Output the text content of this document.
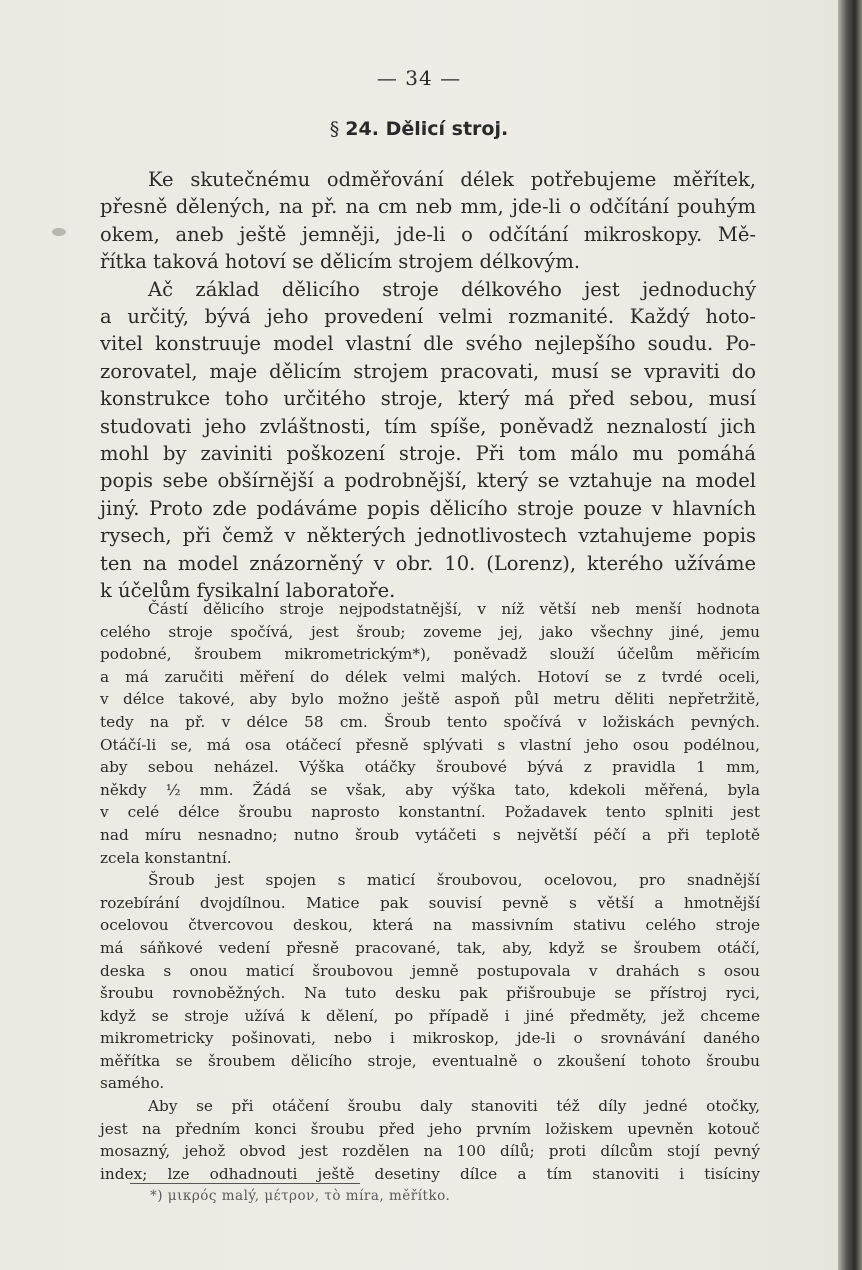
— 34 —
§ 24. Dělicí stroj.
Ke skutečnému odměřování délek potřebujeme měřítek,
přesně dělených, na př. na cm neb mm, jde-li o odčítání pouhým
okem, aneb ještě jemněji, jde-li o odčítání mikroskopy. Mě-
řítka taková hotoví se dělicím strojem délkovým.
Ač základ dělicího stroje délkového jest jednoduchý
a určitý, bývá jeho provedení velmi rozmanité. Každý hoto-
vitel konstruuje model vlastní dle svého nejlepšího soudu. Po-
zorovatel, maje dělicím strojem pracovati, musí se vpraviti do
konstrukce toho určitého stroje, který má před sebou, musí
studovati jeho zvláštnosti, tím spíše, poněvadž neznalostí jich
mohl by zaviniti poškození stroje. Při tom málo mu pomáhá
popis sebe obšírnější a podrobnější, který se vztahuje na model
jiný. Proto zde podáváme popis dělicího stroje pouze v hlavních
rysech, při čemž v některých jednotlivostech vztahujeme popis
ten na model znázorněný v obr. 10. (Lorenz), kterého užíváme
k účelům fysikalní laboratoře.
Částí dělicího stroje nejpodstatnější, v níž větší neb menší hodnota
celého stroje spočívá, jest šroub; zoveme jej, jako všechny jiné, jemu
podobné, šroubem mikrometrickým*), poněvadž slouží účelům měřicím
a má zaručiti měření do délek velmi malých. Hotoví se z tvrdé oceli,
v délce takové, aby bylo možno ještě aspoň půl metru děliti nepřetržitě,
tedy na př. v délce 58 cm. Šroub tento spočívá v ložiskách pevných.
Otáčí-li se, má osa otáčecí přesně splývati s vlastní jeho osou podélnou,
aby sebou neházel. Výška otáčky šroubové bývá z pravidla 1 mm,
někdy ½ mm. Žádá se však, aby výška tato, kdekoli měřená, byla
v celé délce šroubu naprosto konstantní. Požadavek tento splniti jest
nad míru nesnadno; nutno šroub vytáčeti s největší péčí a při teplotě
zcela konstantní.
Šroub jest spojen s maticí šroubovou, ocelovou, pro snadnější
rozebírání dvojdílnou. Matice pak souvisí pevně s větší a hmotnější
ocelovou čtvercovou deskou, která na massivním stativu celého stroje
má sáňkové vedení přesně pracované, tak, aby, když se šroubem otáčí,
deska s onou maticí šroubovou jemně postupovala v drahách s osou
šroubu rovnoběžných. Na tuto desku pak přišroubuje se přístroj ryci,
když se stroje užívá k dělení, po případě i jiné předměty, jež chceme
mikrometricky pošinovati, nebo i mikroskop, jde-li o srovnávání daného
měřítka se šroubem dělicího stroje, eventualně o zkoušení tohoto šroubu
samého.
Aby se při otáčení šroubu daly stanoviti též díly jedné otočky,
jest na předním konci šroubu před jeho prvním ložiskem upevněn kotouč
mosazný, jehož obvod jest rozdělen na 100 dílů; proti dílcům stojí pevný
index; lze odhadnouti ještě desetiny dílce a tím stanoviti i tisíciny
*) μικρός malý, μέτρον, τὸ míra, měřítko.
